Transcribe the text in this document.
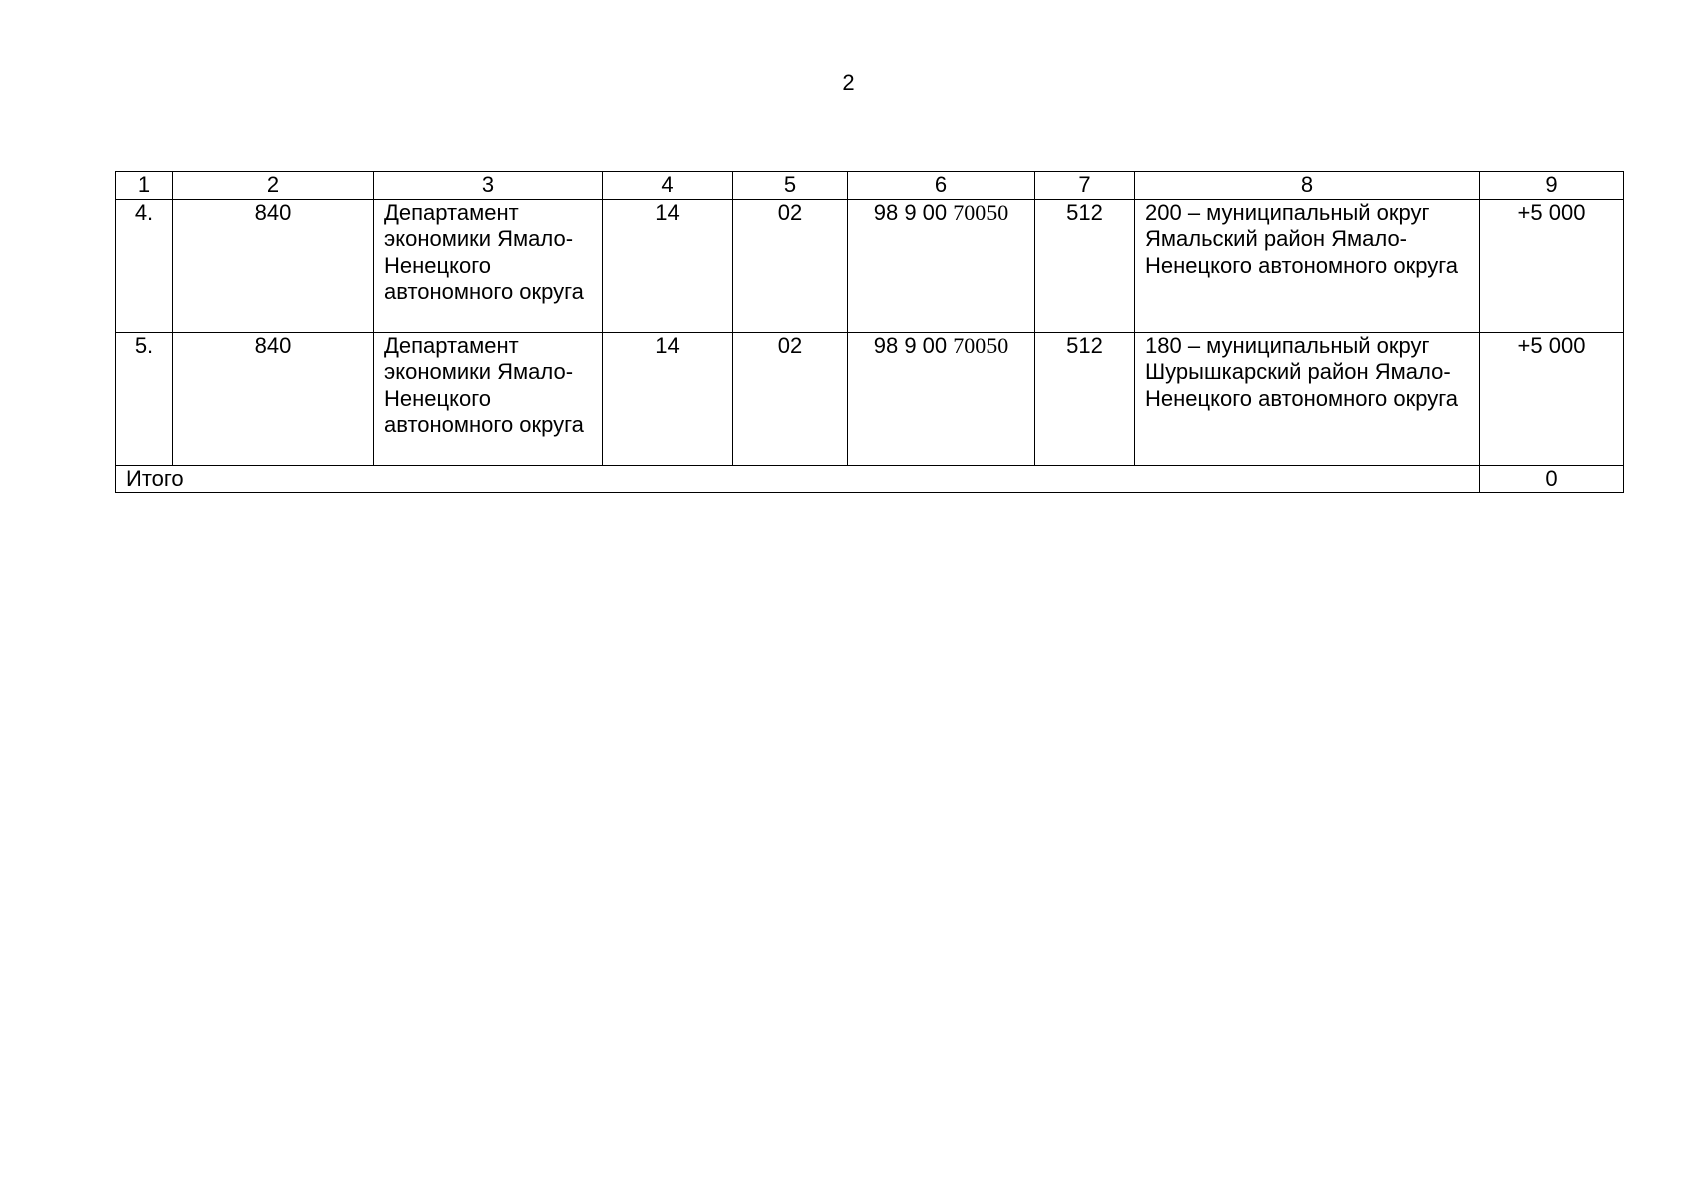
2
1	2	3	4	5	6	7	8	9
4.	840	Департамент экономики Ямало-Ненецкого автономного округа	14	02	98 9 00 70050	512	200 – муниципальный округ Ямальский район Ямало-Ненецкого автономного округа	+5 000
5.	840	Департамент экономики Ямало-Ненецкого автономного округа	14	02	98 9 00 70050	512	180 – муниципальный округ Шурышкарский район Ямало-Ненецкого автономного округа	+5 000
Итого								0
